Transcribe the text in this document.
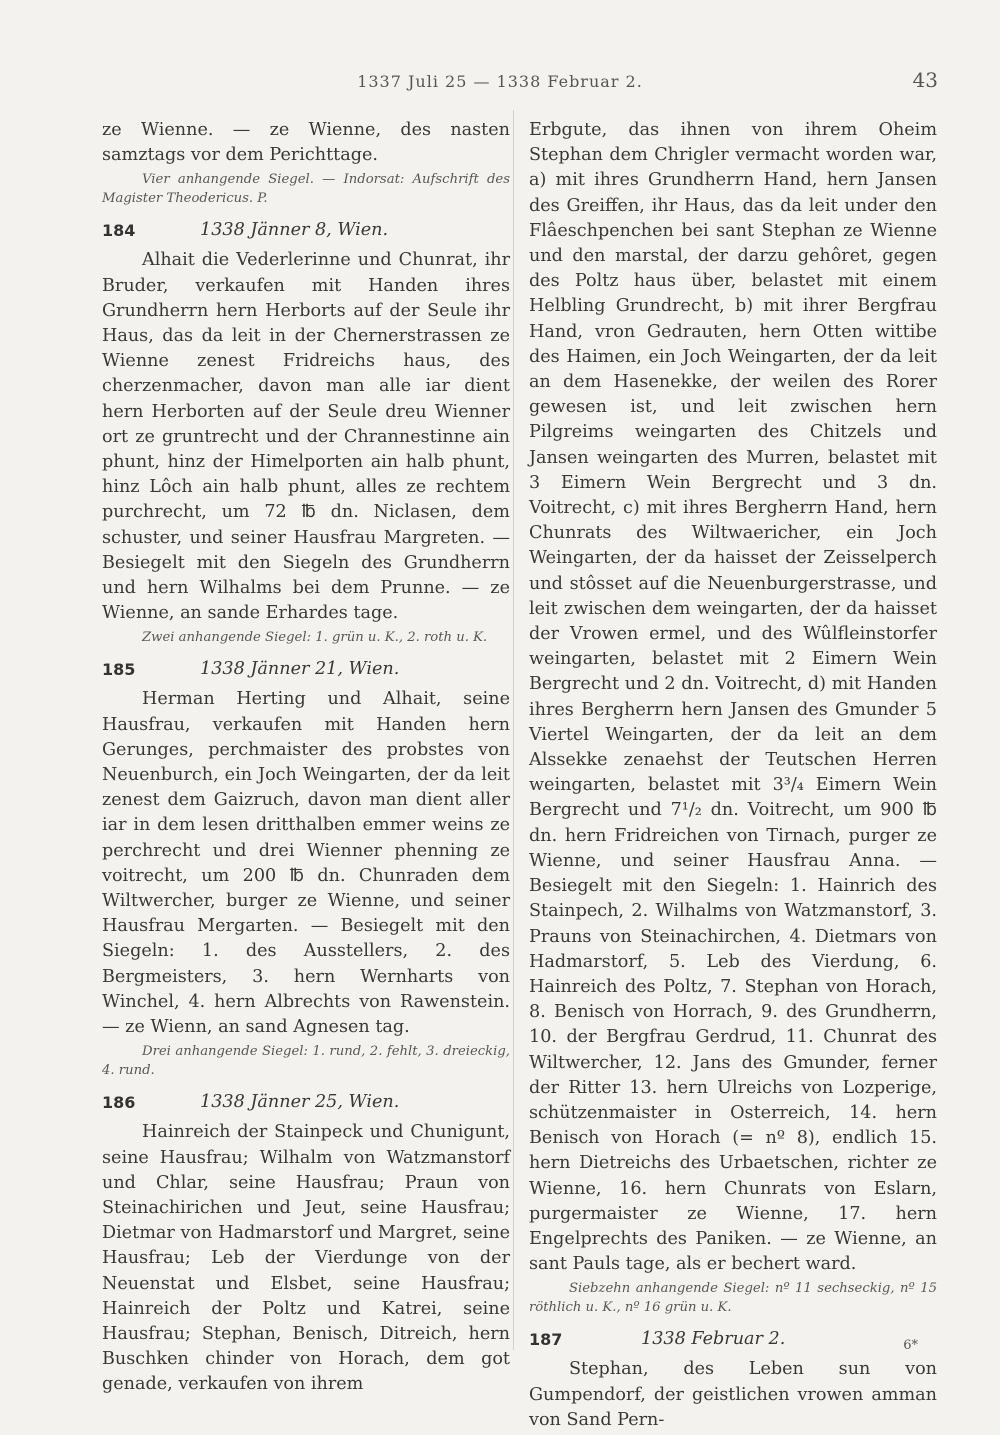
1337 Juli 25 — 1338 Februar 2.	43

ze Wienne. — ze Wienne, des nasten samztags vor dem Perichttage.

Vier anhangende Siegel. — Indorsat: Aufschrift des Magister Theodericus. P.

184	1338 Jänner 8, Wien.

Alhait die Vederlerinne und Chunrat, ihr Bruder, verkaufen mit Handen ihres Grundherrn hern Herborts auf der Seule ihr Haus, das da leit in der Chernerstrassen ze Wienne zenest Fridreichs haus, des cherzenmacher, davon man alle iar dient hern Herborten auf der Seule dreu Wienner ort ze gruntrecht und der Chrannestinne ain phunt, hinz der Himelporten ain halb phunt, hinz Lôch ain halb phunt, alles ze rechtem purchrecht, um 72 ℔ dn. Niclasen, dem schuster, und seiner Hausfrau Margreten. — Besiegelt mit den Siegeln des Grundherrn und hern Wilhalms bei dem Prunne. — ze Wienne, an sande Erhardes tage.

Zwei anhangende Siegel: 1. grün u. K., 2. roth u. K.

185	1338 Jänner 21, Wien.

Herman Herting und Alhait, seine Hausfrau, verkaufen mit Handen hern Gerunges, perchmaister des probstes von Neuenburch, ein Joch Weingarten, der da leit zenest dem Gaizruch, davon man dient aller iar in dem lesen dritthalben emmer weins ze perchrecht und drei Wienner phenning ze voitrecht, um 200 ℔ dn. Chunraden dem Wiltwercher, burger ze Wienne, und seiner Hausfrau Mergarten. — Besiegelt mit den Siegeln: 1. des Ausstellers, 2. des Bergmeisters, 3. hern Wernharts von Winchel, 4. hern Albrechts von Rawenstein. — ze Wienn, an sand Agnesen tag.

Drei anhangende Siegel: 1. rund, 2. fehlt, 3. dreieckig, 4. rund.

186	1338 Jänner 25, Wien.

Hainreich der Stainpeck und Chunigunt, seine Hausfrau; Wilhalm von Watzmanstorf und Chlar, seine Hausfrau; Praun von Steinachirichen und Jeut, seine Hausfrau; Dietmar von Hadmarstorf und Margret, seine Hausfrau; Leb der Vierdunge von der Neuenstat und Elsbet, seine Hausfrau; Hainreich der Poltz und Katrei, seine Hausfrau; Stephan, Benisch, Ditreich, hern Buschken chinder von Horach, dem got genade, verkaufen von ihrem

Erbgute, das ihnen von ihrem Oheim Stephan dem Chrigler vermacht worden war, a) mit ihres Grundherrn Hand, hern Jansen des Greiffen, ihr Haus, das da leit under den Flâeschpenchen bei sant Stephan ze Wienne und den marstal, der darzu gehôret, gegen des Poltz haus über, belastet mit einem Helbling Grundrecht, b) mit ihrer Bergfrau Hand, vron Gedrauten, hern Otten wittibe des Haimen, ein Joch Weingarten, der da leit an dem Hasenekke, der weilen des Rorer gewesen ist, und leit zwischen hern Pilgreims weingarten des Chitzels und Jansen weingarten des Murren, belastet mit 3 Eimern Wein Bergrecht und 3 dn. Voitrecht, c) mit ihres Bergherrn Hand, hern Chunrats des Wiltwaericher, ein Joch Weingarten, der da haisset der Zeisselperch und stôsset auf die Neuenburgerstrasse, und leit zwischen dem weingarten, der da haisset der Vrowen ermel, und des Wûlfleinstorfer weingarten, belastet mit 2 Eimern Wein Bergrecht und 2 dn. Voitrecht, d) mit Handen ihres Bergherrn hern Jansen des Gmunder 5 Viertel Weingarten, der da leit an dem Alssekke zenaehst der Teutschen Herren weingarten, belastet mit 3³/₄ Eimern Wein Bergrecht und 7¹/₂ dn. Voitrecht, um 900 ℔ dn. hern Fridreichen von Tirnach, purger ze Wienne, und seiner Hausfrau Anna. — Besiegelt mit den Siegeln: 1. Hainrich des Stainpech, 2. Wilhalms von Watzmanstorf, 3. Prauns von Steinachirchen, 4. Dietmars von Hadmarstorf, 5. Leb des Vierdung, 6. Hainreich des Poltz, 7. Stephan von Horach, 8. Benisch von Horrach, 9. des Grundherrn, 10. der Bergfrau Gerdrud, 11. Chunrat des Wiltwercher, 12. Jans des Gmunder, ferner der Ritter 13. hern Ulreichs von Lozperige, schützenmaister in Osterreich, 14. hern Benisch von Horach (= nº 8), endlich 15. hern Dietreichs des Urbaetschen, richter ze Wienne, 16. hern Chunrats von Eslarn, purgermaister ze Wienne, 17. hern Engelprechts des Paniken. — ze Wienne, an sant Pauls tage, als er bechert ward.

Siebzehn anhangende Siegel: nº 11 sechseckig, nº 15 röthlich u. K., nº 16 grün u. K.

187	1338 Februar 2.

Stephan, des Leben sun von Gumpendorf, der geistlichen vrowen amman von Sand Pern-

6*
